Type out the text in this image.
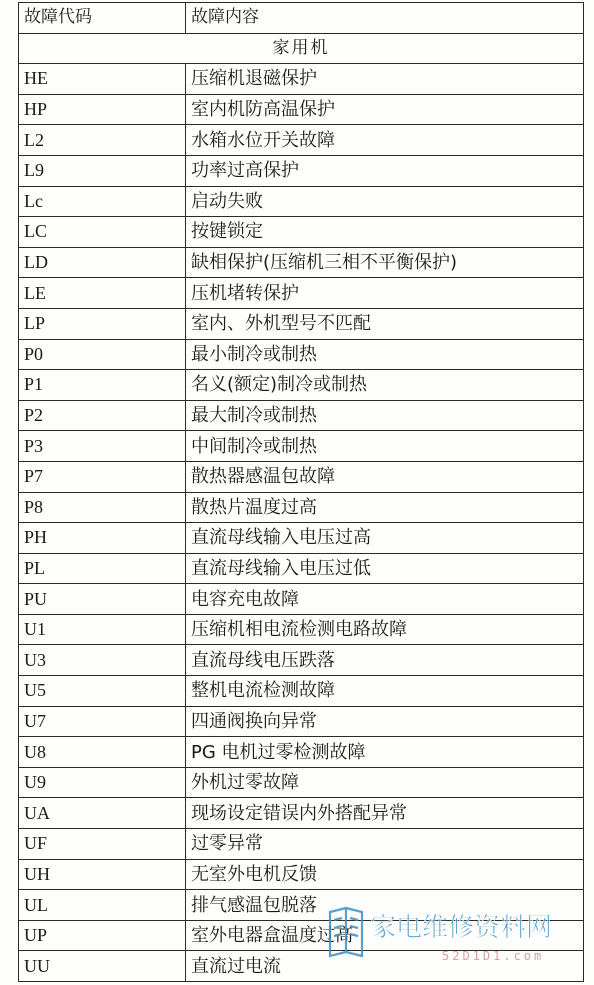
故障代码	故障内容
家用机	
HE	压缩机退磁保护
HP	室内机防高温保护
L2	水箱水位开关故障
L9	功率过高保护
Lc	启动失败
LC	按键锁定
LD	缺相保护(压缩机三相不平衡保护)
LE	压机堵转保护
LP	室内、外机型号不匹配
P0	最小制冷或制热
P1	名义(额定)制冷或制热
P2	最大制冷或制热
P3	中间制冷或制热
P7	散热器感温包故障
P8	散热片温度过高
PH	直流母线输入电压过高
PL	直流母线输入电压过低
PU	电容充电故障
U1	压缩机相电流检测电路故障
U3	直流母线电压跌落
U5	整机电流检测故障
U7	四通阀换向异常
U8	PG 电机过零检测故障
U9	外机过零故障
UA	现场设定错误内外搭配异常
UF	过零异常
UH	无室外电机反馈
UL	排气感温包脱落
UP	室外电器盒温度过高
UU	直流过电流
家电维修资料网
52D1D1.com
